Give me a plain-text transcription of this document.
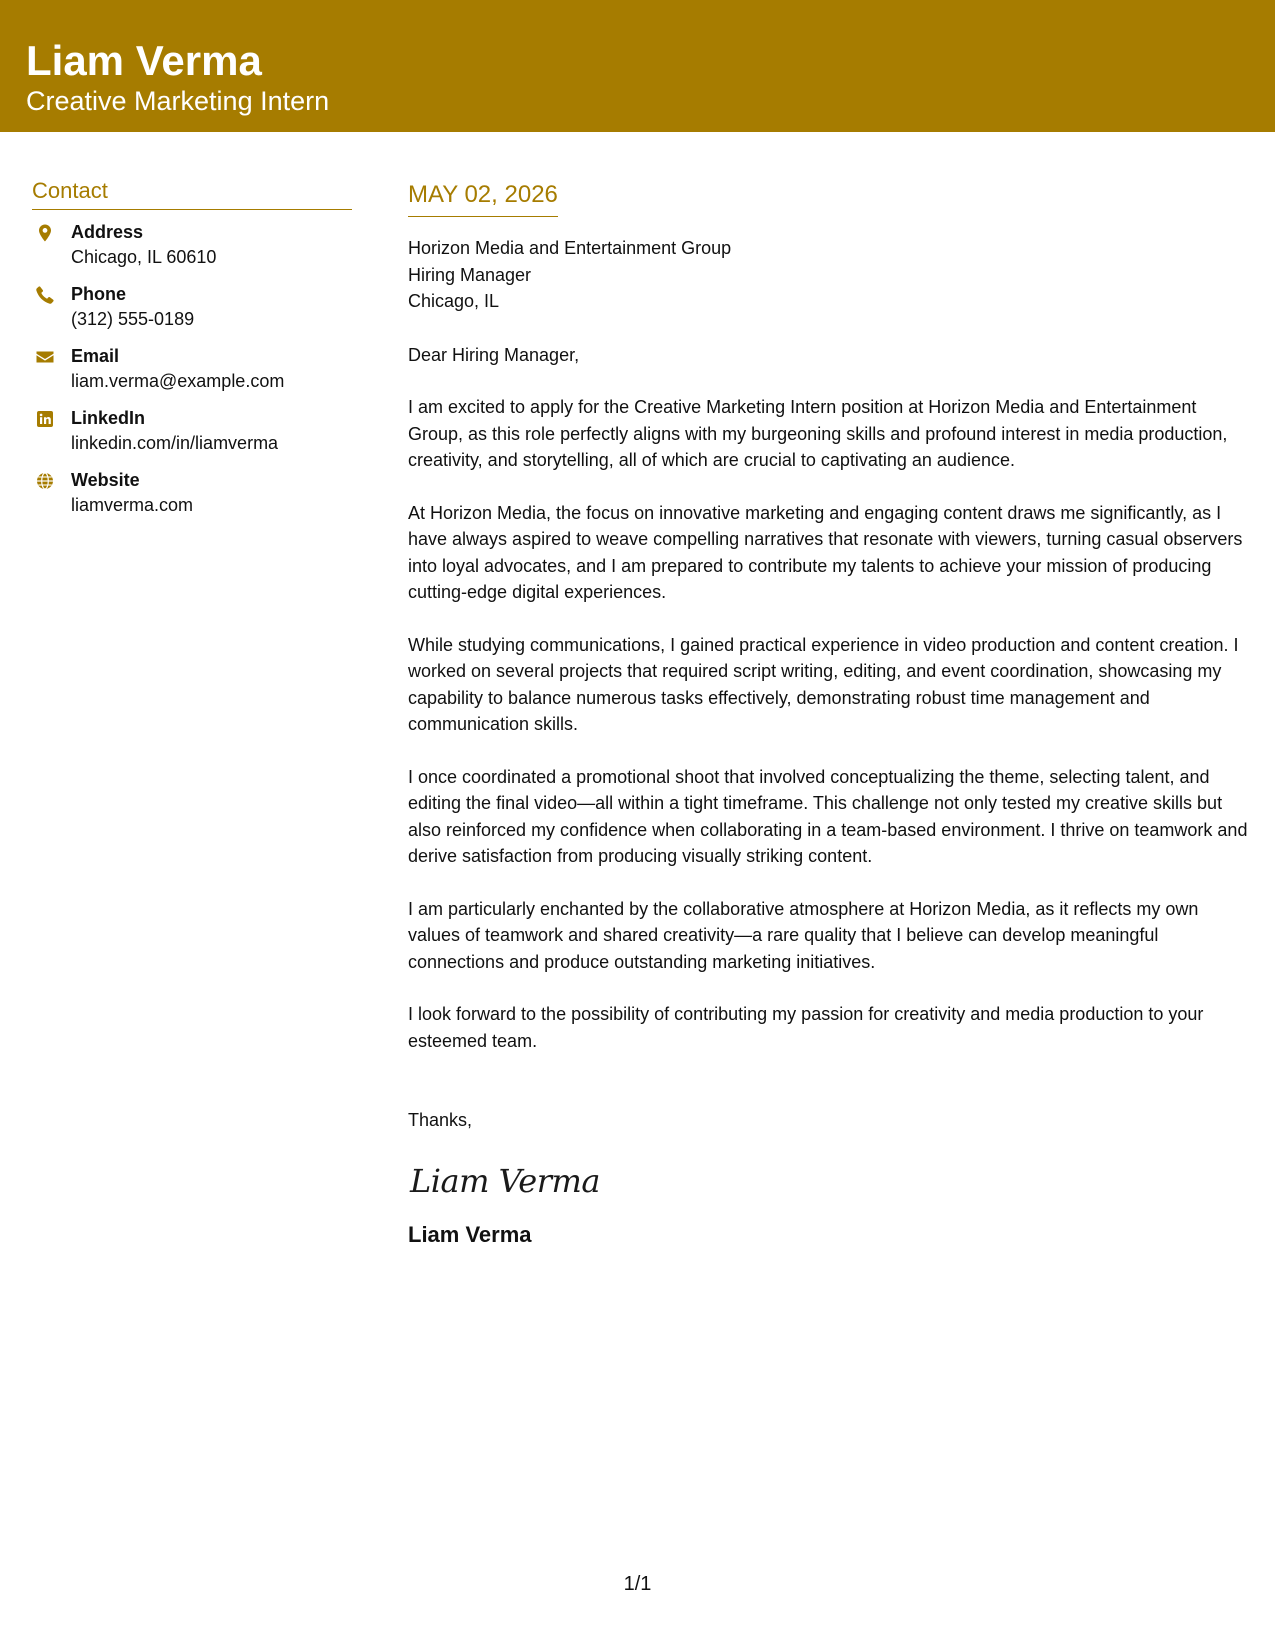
Liam Verma
Creative Marketing Intern
Contact
Address
Chicago, IL 60610
Phone
(312) 555-0189
Email
liam.verma@example.com
LinkedIn
linkedin.com/in/liamverma
Website
liamverma.com
MAY 02, 2026
Horizon Media and Entertainment Group
Hiring Manager
Chicago, IL
Dear Hiring Manager,
I am excited to apply for the Creative Marketing Intern position at Horizon Media and Entertainment Group, as this role perfectly aligns with my burgeoning skills and profound interest in media production, creativity, and storytelling, all of which are crucial to captivating an audience.
At Horizon Media, the focus on innovative marketing and engaging content draws me significantly, as I have always aspired to weave compelling narratives that resonate with viewers, turning casual observers into loyal advocates, and I am prepared to contribute my talents to achieve your mission of producing cutting-edge digital experiences.
While studying communications, I gained practical experience in video production and content creation. I worked on several projects that required script writing, editing, and event coordination, showcasing my capability to balance numerous tasks effectively, demonstrating robust time management and communication skills.
I once coordinated a promotional shoot that involved conceptualizing the theme, selecting talent, and editing the final video—all within a tight timeframe. This challenge not only tested my creative skills but also reinforced my confidence when collaborating in a team-based environment. I thrive on teamwork and derive satisfaction from producing visually striking content.
I am particularly enchanted by the collaborative atmosphere at Horizon Media, as it reflects my own values of teamwork and shared creativity—a rare quality that I believe can develop meaningful connections and produce outstanding marketing initiatives.
I look forward to the possibility of contributing my passion for creativity and media production to your esteemed team.
Thanks,
Liam Verma
Liam Verma
1/1
